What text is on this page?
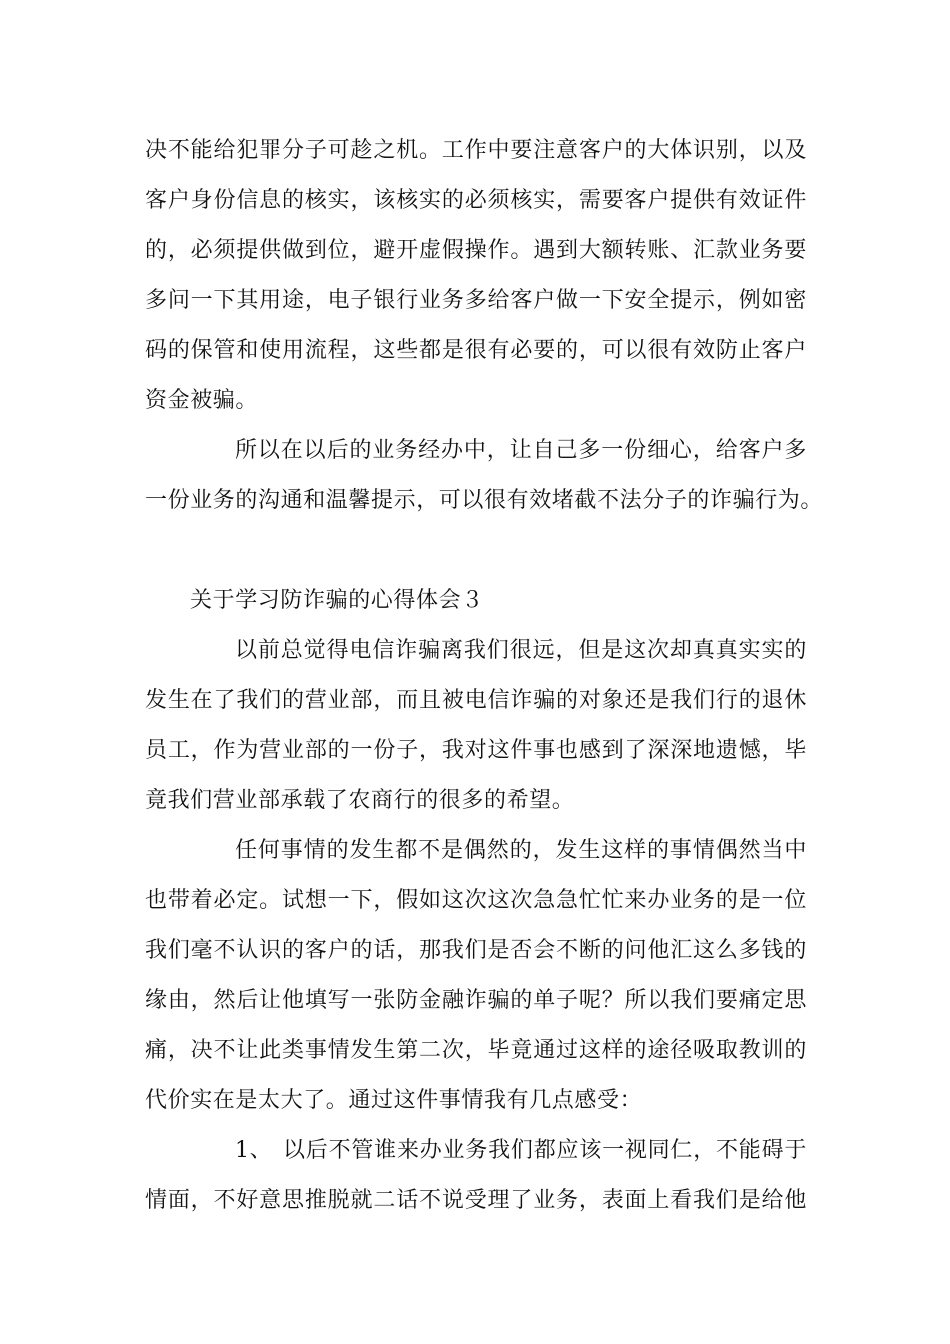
决不能给犯罪分子可趁之机。工作中要注意客户的大体识别，以及
客户身份信息的核实，该核实的必须核实，需要客户提供有效证件
的，必须提供做到位，避开虚假操作。遇到大额转账、汇款业务要
多问一下其用途，电子银行业务多给客户做一下安全提示，例如密
码的保管和使用流程，这些都是很有必要的，可以很有效防止客户
资金被骗。
所以在以后的业务经办中，让自己多一份细心，给客户多
一份业务的沟通和温馨提示，可以很有效堵截不法分子的诈骗行为。
关于学习防诈骗的心得体会３
以前总觉得电信诈骗离我们很远，但是这次却真真实实的
发生在了我们的营业部，而且被电信诈骗的对象还是我们行的退休
员工，作为营业部的一份子，我对这件事也感到了深深地遗憾，毕
竟我们营业部承载了农商行的很多的希望。
任何事情的发生都不是偶然的，发生这样的事情偶然当中
也带着必定。试想一下，假如这次这次急急忙忙来办业务的是一位
我们毫不认识的客户的话，那我们是否会不断的问他汇这么多钱的
缘由，然后让他填写一张防金融诈骗的单子呢？所以我们要痛定思
痛，决不让此类事情发生第二次，毕竟通过这样的途径吸取教训的
代价实在是太大了。通过这件事情我有几点感受：
1、 以后不管谁来办业务我们都应该一视同仁，不能碍于
情面，不好意思推脱就二话不说受理了业务，表面上看我们是给他
